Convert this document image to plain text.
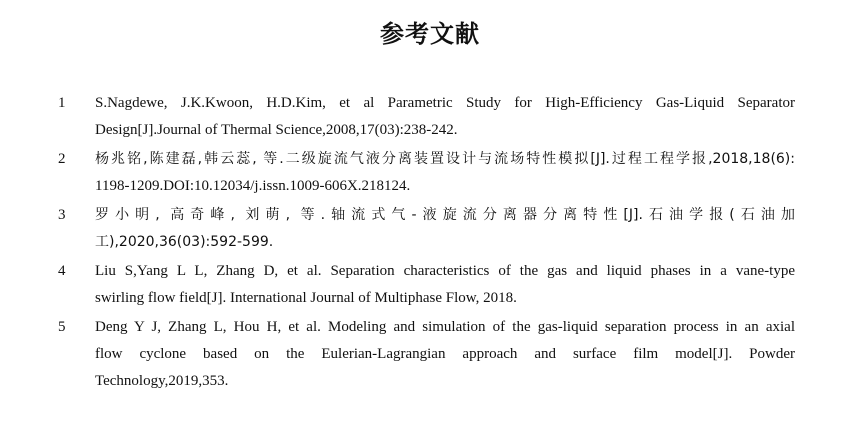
参考文献
1 S.Nagdewe, J.K.Kwoon, H.D.Kim, et al Parametric Study for High-Efficiency Gas-Liquid Separator
Design[J].Journal of Thermal Science,2008,17(03):238-242.
2 杨兆铭,陈建磊,韩云蕊, 等.二级旋流气液分离装置设计与流场特性模拟[J].过程工程学报,2018,18(6):
1198-1209.DOI:10.12034/j.issn.1009-606X.218124.
3 罗小明, 高奇峰, 刘萌, 等.轴流式气-液旋流分离器分离特性[J].石油学报(石油加
工),2020,36(03):592-599.
4 Liu S,Yang L L, Zhang D, et al. Separation characteristics of the gas and liquid phases in a vane-type
swirling flow field[J]. International Journal of Multiphase Flow, 2018.
5 Deng Y J, Zhang L, Hou H, et al. Modeling and simulation of the gas-liquid separation process in an axial
flow cyclone based on the Eulerian-Lagrangian approach and surface film model[J]. Powder
Technology,2019,353.
